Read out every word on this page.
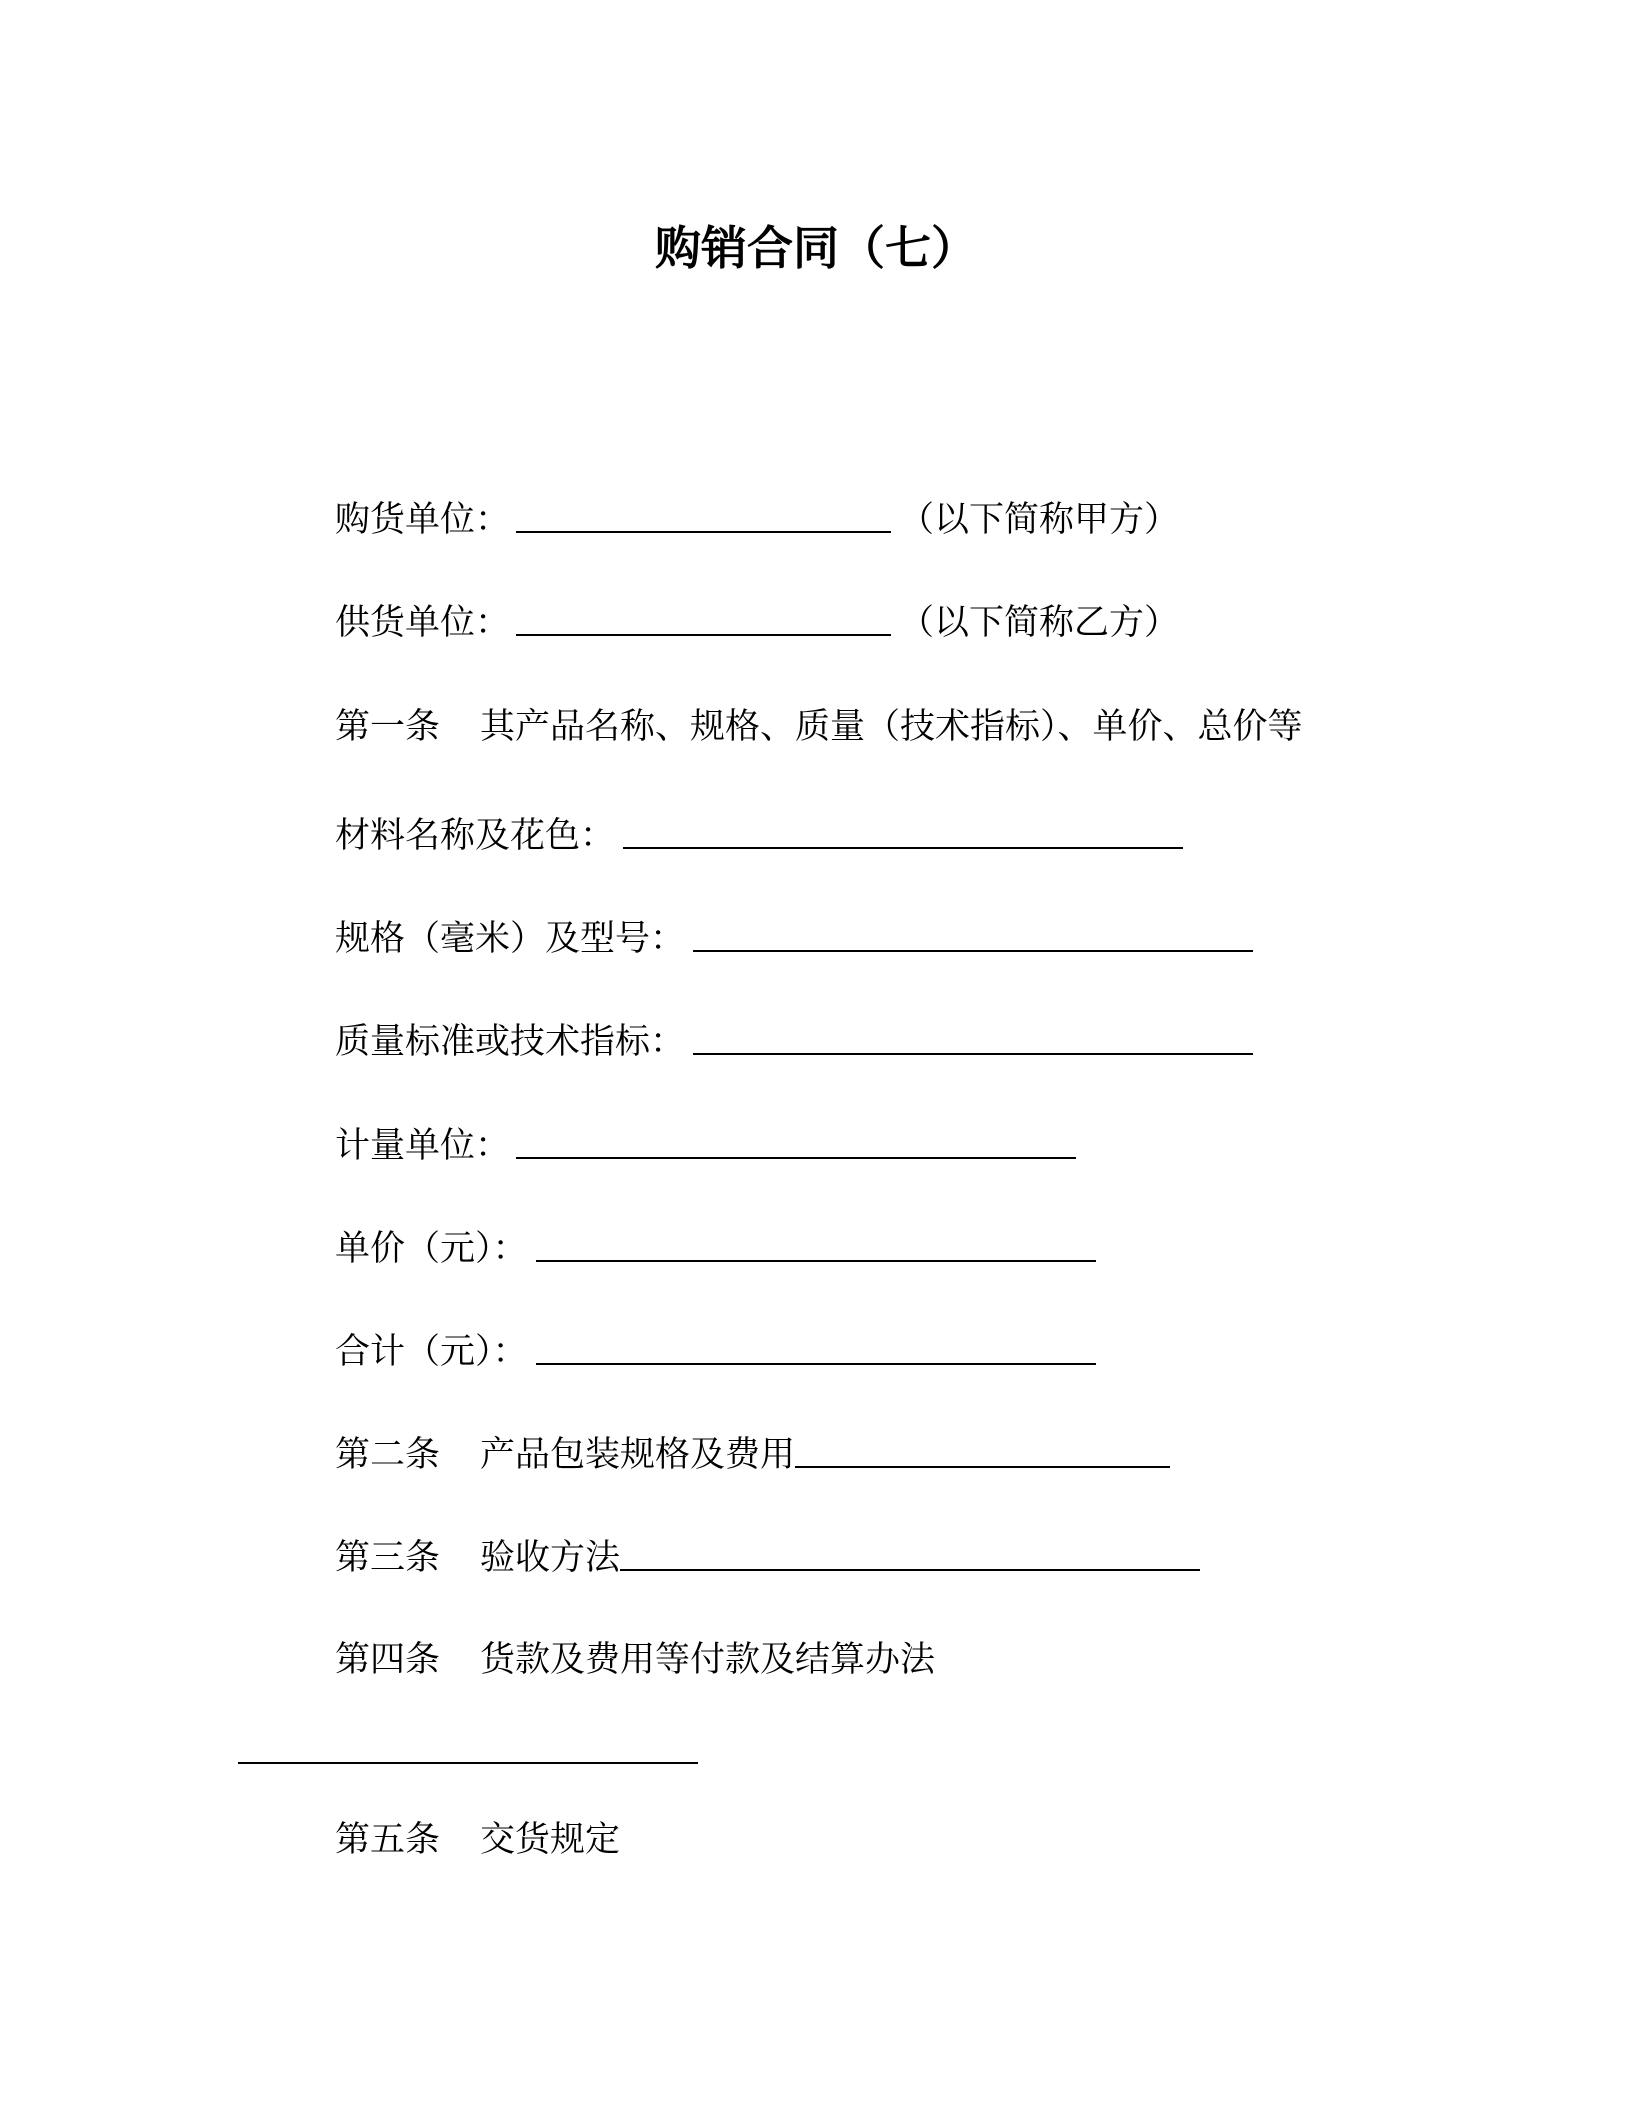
购销合同（七）
购货单位：	（以下简称甲方）
供货单位：	（以下简称乙方）
第一条 其产品名称、规格、质量（技术指标）、单价、总价等
材料名称及花色：
规格（毫米）及型号：
质量标准或技术指标：
计量单位：
单价（元）：
合计（元）：
第二条 产品包装规格及费用
第三条 验收方法
第四条 货款及费用等付款及结算办法
第五条 交货规定
